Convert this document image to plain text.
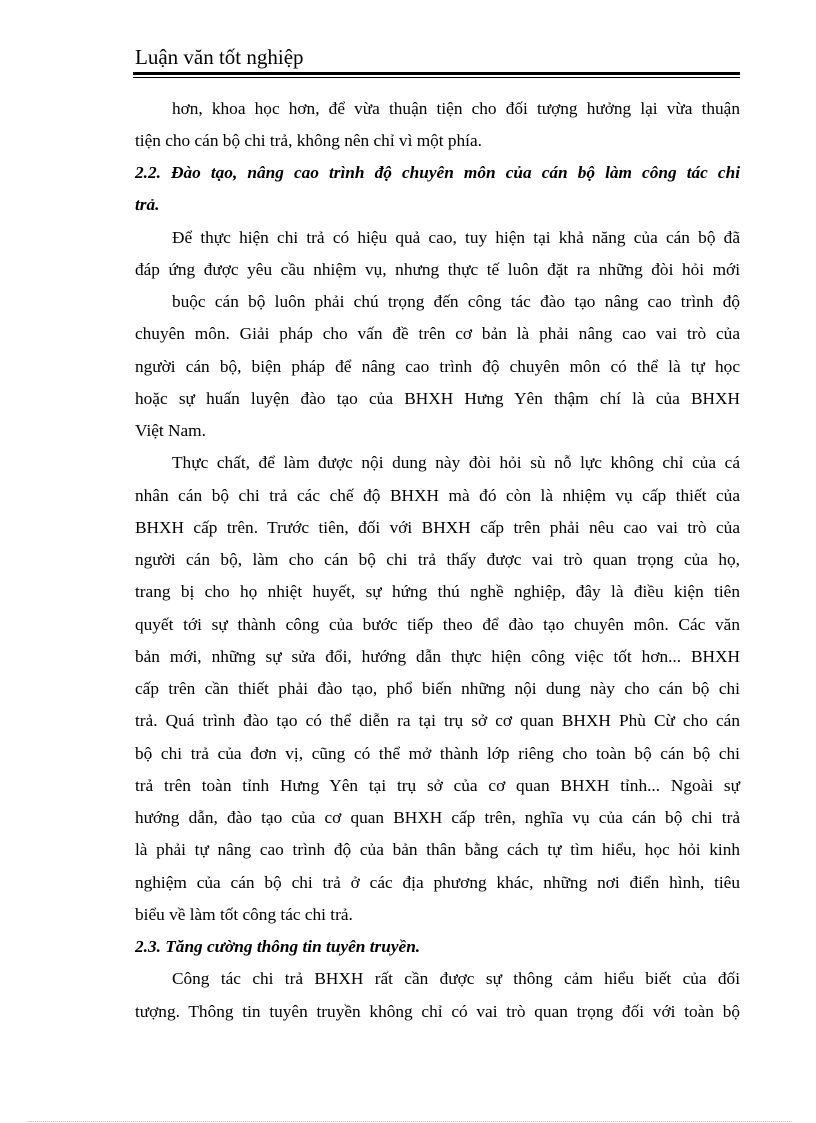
Luận văn tốt nghiệp
hơn, khoa học hơn, để vừa thuận tiện cho đối tượng hưởng lại vừa thuận
tiện cho cán bộ chi trả, không nên chỉ vì một phía.
2.2. Đào tạo, nâng cao trình độ chuyên môn của cán bộ làm công tác chi
trả.
Để thực hiện chi trả có hiệu quả cao, tuy hiện tại khả năng của cán bộ đã
đáp ứng được yêu cầu nhiệm vụ, nhưng thực tế luôn đặt ra những đòi hỏi mới
buộc cán bộ luôn phải chú trọng đến công tác đào tạo nâng cao trình độ
chuyên môn. Giải pháp cho vấn đề trên cơ bản là phải nâng cao vai trò của
người cán bộ, biện pháp để nâng cao trình độ chuyên môn có thể là tự học
hoặc sự huấn luyện đào tạo của BHXH Hưng Yên thậm chí là của BHXH
Việt Nam.
Thực chất, để làm được nội dung này đòi hỏi sù nỗ lực không chỉ của cá
nhân cán bộ chi trả các chế độ BHXH mà đó còn là nhiệm vụ cấp thiết của
BHXH cấp trên. Trước tiên, đối với BHXH cấp trên phải nêu cao vai trò của
người cán bộ, làm cho cán bộ chi trả thấy được vai trò quan trọng của họ,
trang bị cho họ nhiệt huyết, sự hứng thú nghề nghiệp, đây là điều kiện tiên
quyết tới sự thành công của bước tiếp theo để đào tạo chuyên môn. Các văn
bản mới, những sự sửa đổi, hướng dẫn thực hiện công việc tốt hơn... BHXH
cấp trên cần thiết phải đào tạo, phổ biến những nội dung này cho cán bộ chi
trả. Quá trình đào tạo có thể diễn ra tại trụ sở cơ quan BHXH Phù Cừ cho cán
bộ chi trả của đơn vị, cũng có thể mở thành lớp riêng cho toàn bộ cán bộ chi
trả trên toàn tỉnh Hưng Yên tại trụ sở của cơ quan BHXH tỉnh... Ngoài sự
hướng dẫn, đào tạo của cơ quan BHXH cấp trên, nghĩa vụ của cán bộ chi trả
là phải tự nâng cao trình độ của bản thân bằng cách tự tìm hiểu, học hỏi kinh
nghiệm của cán bộ chi trả ở các địa phương khác, những nơi điển hình, tiêu
biểu về làm tốt công tác chi trả.
2.3. Tăng cường thông tin tuyên truyền.
Công tác chi trả BHXH rất cần được sự thông cảm hiểu biết của đối
tượng. Thông tin tuyên truyền không chỉ có vai trò quan trọng đối với toàn bộ
